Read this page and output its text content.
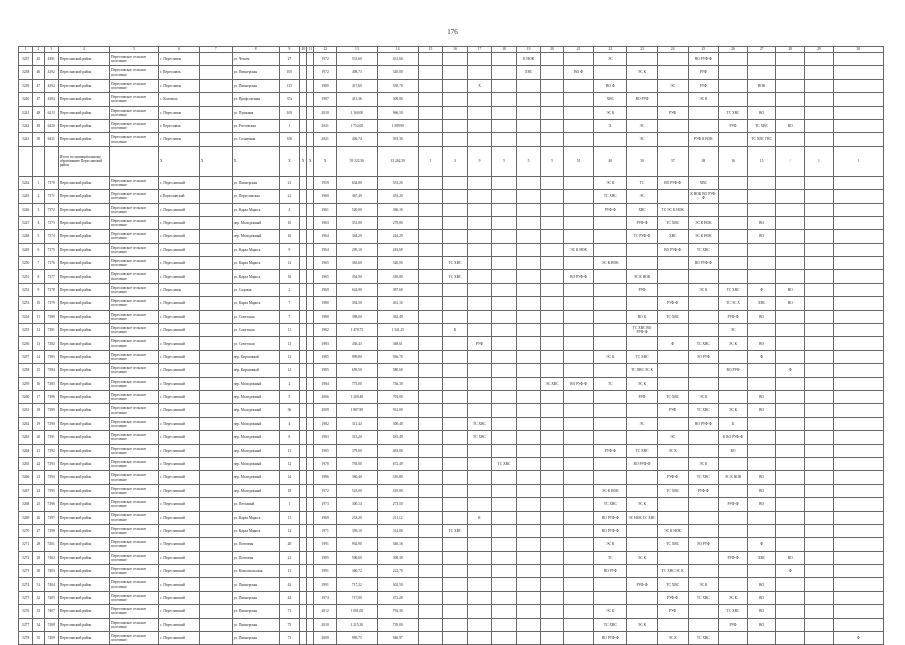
176
1	2	3	4	5	6	7	8	9	10	11	12	13	14	15	16	17	18	19	20	21	22	23	24	25	26	27	28	29	30
5237	45	4391	Переславский район	Переславское сельское поселение	с. Переславль		ул. Чехова	27			1972	531,60	431,60					К НОК			ЭС			ВО РУФ-Ф					
5238	46	4392	Переславский район	Переславское сельское поселение	г. Переславль		ул. Пионерская	105			1972	408,73	320,00					ХВС		ВО Ф		ЭС К		РУФ					
5239	47	4392	Переславский район	Переславское сельское поселение	с. Переславль		ул. Пионерская	115			1980	417,60	330,70			Х					ВО Ф		ЭС	РУФ		ВОК			
5240	47	4394	Переславский район	Переславское сельское поселение	с. Колоколь		ул. Профсоюзная	37а			1987	411,36	306,80								ХВС	ВО РУФ		ЭС К					
5241	48	6213	Переславский район	Переславское сельское поселение	с. Переславль		ул. Пушкина	109			2010	1 160,00	966,50								ЭС К		РУФ		ТС ХВС	ВО			
5242	49	6420	Переславский район	Переславское сельское поселение	г. Переславль		ул. Ростовская	1			2021	1 752,00	1 399,90								Х	ЭС			РУФ	ТС ХВС	ВО		
5243	50	6431	Переславский район	Переславское сельское поселение	с. Переславль		ул. Солнечная	106			2021	426,74	391,30									ЭС		РУФ К ВОК		ТС ХВС ГВС			
			Итого по муниципальному образованию Переславский район		Х	Х	Х	Х	Х	Х	Х	59 122,56	35 262,50	1	3	9	5	5	5	51	40	30	37	38	16	15	/	1	1
5244	1	7370	Переславский район	Переславское сельское поселение	с. Переславский		ул. Пионерская	21			1959	634,80	553,20								ЭС К	ТС	ВО РУФ-Ф	ХВС					
5245	2	7371	Переславский район	Переславское сельское поселение	г. Переславский		ул. Переславская	21			1960	467,40	453,20								ТС ХВС	ЭС		К НОК ВО РУФ-Ф					
5246	3	7372	Переславский район	Переславское сельское поселение	с. Переславский		ул. Карла Маркса	4			1961	520,00	366,16								РУФ-Ф	ХВС	ТС ЭС К НОК						
5247	4	7373	Переславский район	Переславское сельское поселение	с. Переславский		пер. Молодежный	10			1963	351,00	279,80									РУФ-Ф	ТС ХВС	ЭС К НОК		ВО			
5248	5	7374	Переславский район	Переславское сельское поселение	с. Переславский		пер. Молодежный	16			1964	344,20	224,29									ТС РУФ-Ф	ХВС	ЭС К НОК		ВО			
5249	6	7375	Переславский район	Переславское сельское поселение	с. Переславский		ул. Карла Маркса	9			1964	295,10	243,69							ЭС К НОК			ВО РУФ-Ф	ТС ХВС					
5250	7	7376	Переславский район	Переславское сельское поселение	с. Переславский		ул. Карла Маркса	14			1965	365,60	320,00		ТС ХВС						ЭС К НОК			ВО РУФ-Ф					
5251	8	7377	Переславский район	Переславское сельское поселение	с. Переславский		ул. Карла Маркса	16			1965	354,90	330,80		ТС ХВС					ВО РУФ-Ф		ЭС К НОК							
5252	9	7378	Переславский район	Переславское сельское поселение	с. Переславль		ул. Садовая	2			1969	624,90	387,60									РУФ		ЭС К	ТС ХВС	Ф	ВО		
5253	10	7379	Переславский район	Переславское сельское поселение	с. Переславский		ул. Карла Маркса	7			1980	392,50	461,10										РУФ-Ф		ТС ЭС Х	ХВС	ВО		
5254	11	7380	Переславский район	Переславское сельское поселение	с. Переславский		ул. Советская	7			1980	398,00	362,49									ВО К	ТС ХВС		РУФ-Ф	ВО			
5255	12	7381	Переславский район	Переславское сельское поселение	с. Переславский		ул. Советская	11			1982	1 470,75	1 341,25		К							ТС ХВС ВО РУФ-Ф			ЭС				
5256	13	7382	Переславский район	Переславское сельское поселение	с. Переславский		ул. Советская	13			1983	436,43	368,61			РУФ							Ф	ТС ХВС	ЭС К	ВО			
5257	14	7383	Переславский район	Переславское сельское поселение	с. Переславский		пер. Кирпичный	12			1985	999,80	936,70								ЭС К	ТС ХВС		ЭО РУФ		Ф			
5258	15	7384	Переславский район	Переславское сельское поселение	с. Переславский		пер. Кирпичный	14			1985	659,50	580,60									ТС ХВС ЭС К			ВО РУФ		Ф		
5259	16	7385	Переславский район	Переславское сельское поселение	с. Переславский		пер. Молодежный	2			1984	775,00	736,30						ЭС ХВС	ВО РУФ-Ф	ТС	ЭС К							
5260	17	7386	Переславский район	Переславское сельское поселение	с. Переславский		пер. Молодежный	5			2006	1 209,40	703,00									РУФ	ТС ХВС	ЭС К		ВО			
5261	18	7389	Переславский район	Переславское сельское поселение	с. Переславский		пер. Молодежный	36			2009	1 987,90	912,00										РУФ	ТС ХВС	ЭС К	ВО			
5262	19	7390	Переславский район	Переславское сельское поселение	с. Переславский		пер. Молодежный	4			1982	311,44	300,40			ТС ХВС						ЭС		ВО РУФ-Ф	К				
5263	20	7391	Переславский район	Переславское сельское поселение	с. Переславский		пер. Молодежный	8			1983	313,20	281,49			ТС ХВС							ЭС		К ВО РУФ-Ф				
5264	21	7392	Переславский район	Переславское сельское поселение	с. Переславский		пер. Молодежный	11			1965	379,00	463,00								РУФ-Ф	ТС ХВС	ЭС К		ВО				
5265	22	7393	Переславский район	Переславское сельское поселение	с. Переславский		пер. Молодежный	12			1970	795,00	672,49				ТС ХВС					ВО РУФ-Ф		ЭС К					
5266	23	7394	Переславский район	Переславское сельское поселение	с. Переславский		пер. Молодежный	14			1986	360,40	316,80										РУФ-Ф	ТС ХВС	ЭС К НОК	ВО			
5267	24	7395	Переславский район	Переславское сельское поселение	с. Переславский		пер. Молодежный	18			1972	523,00	319,90								ЭС К НОК		ТС ХВС	РУФ-Ф		ВО			
5268	25	7396	Переславский район	Переславское сельское поселение	с. Переславский		ул. Песчаный	1			1973	300,14	273,50								ТС ХВС	ЭС К			РУФ-Ф	ВО			
5269	26	7397	Переславский район	Переславское сельское поселение	с. Переславский		ул. Карла Маркса	11			1969	233,20	211,12			К					ВО РУФ-Ф	ЭС НОК ТС ХВС							
5270	27	7398	Переславский район	Переславское сельское поселение	с. Переславский		ул. Карла Маркса	12			1971	359,10	314,00		ТС ХВС						ВО РУФ-Ф		ЭС К НОК						
5271	28	7401	Переславский район	Переславское сельское поселение	с. Переславский		ул. Почтовая	20			1991	902,90	346,16								ЭС К		ТС ХВС	ЭО РУФ		Ф			
5272	29	7402	Переславский район	Переславское сельское поселение	с. Переславский		ул. Почтовая	21			1985	506,00	308,30								ТС	ЭС К			РУФ-Ф	ХВС	ВО		
5273	30	7403	Переславский район	Переславское сельское поселение	с. Переславский		ул. Комсомольская	11			1991	360,72	222,70								ВО РУФ		ТС ХВС ЭС К				Ф		
5274	31	7404	Переславский район	Переславское сельское поселение	с. Переславский		ул. Пионерская	42			1991	717,22	402,50									РУФ-Ф	ТС ХВС	ЭС К		ВО			
5275	32	7405	Переславский район	Переславское сельское поселение	с. Переславский		ул. Пионерская	42			1974	717,00	472,20										РУФ-Ф	ТС ХВС	ЭС К	ВО			
5276	33	7407	Переславский район	Переславское сельское поселение	с. Переславский		ул. Пионерская	71			2012	1 001,00	792,30								ЭС К		РУФ		ТС ХВС	ВО			
5277	34	7408	Переславский район	Переславское сельское поселение	с. Переславский		ул. Пионерская	75			2010	1 215,30	729,00								ТС ХВС	ЭС К			РУФ	ВО			
5278	35	7409	Переславский район	Переславское сельское поселение	с. Переславский		ул. Пионерская	73			2009	995,75	940,97								ВО РУФ-Ф		ЭС К	ТС ХВС					Ф
